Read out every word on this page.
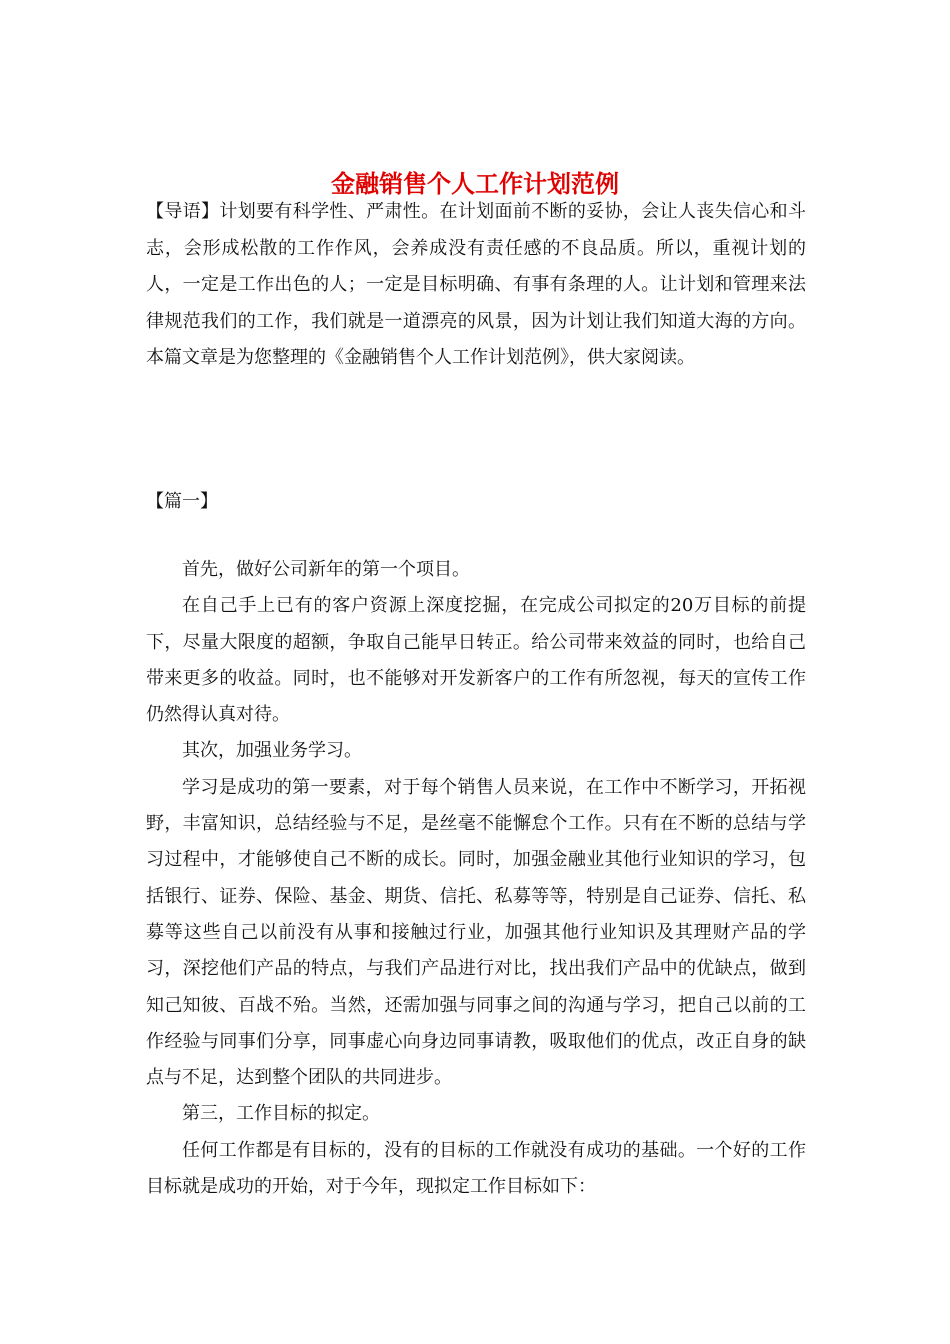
金融销售个人工作计划范例

【导语】计划要有科学性、严肃性。在计划面前不断的妥协，会让人丧失信心和斗志，会形成松散的工作作风，会养成没有责任感的不良品质。所以，重视计划的人，一定是工作出色的人；一定是目标明确、有事有条理的人。让计划和管理来法律规范我们的工作，我们就是一道漂亮的风景，因为计划让我们知道大海的方向。本篇文章是为您整理的《金融销售个人工作计划范例》，供大家阅读。

【篇一】

首先，做好公司新年的第一个项目。

在自己手上已有的客户资源上深度挖掘，在完成公司拟定的20万目标的前提下，尽量大限度的超额，争取自己能早日转正。给公司带来效益的同时，也给自己带来更多的收益。同时，也不能够对开发新客户的工作有所忽视，每天的宣传工作仍然得认真对待。

其次，加强业务学习。

学习是成功的第一要素，对于每个销售人员来说，在工作中不断学习，开拓视野，丰富知识，总结经验与不足，是丝毫不能懈怠个工作。只有在不断的总结与学习过程中，才能够使自己不断的成长。同时，加强金融业其他行业知识的学习，包括银行、证券、保险、基金、期货、信托、私募等等，特别是自己证券、信托、私募等这些自己以前没有从事和接触过行业，加强其他行业知识及其理财产品的学习，深挖他们产品的特点，与我们产品进行对比，找出我们产品中的优缺点，做到知己知彼、百战不殆。当然，还需加强与同事之间的沟通与学习，把自己以前的工作经验与同事们分享，同事虚心向身边同事请教，吸取他们的优点，改正自身的缺点与不足，达到整个团队的共同进步。

第三，工作目标的拟定。

任何工作都是有目标的，没有的目标的工作就没有成功的基础。一个好的工作目标就是成功的开始，对于今年，现拟定工作目标如下：
